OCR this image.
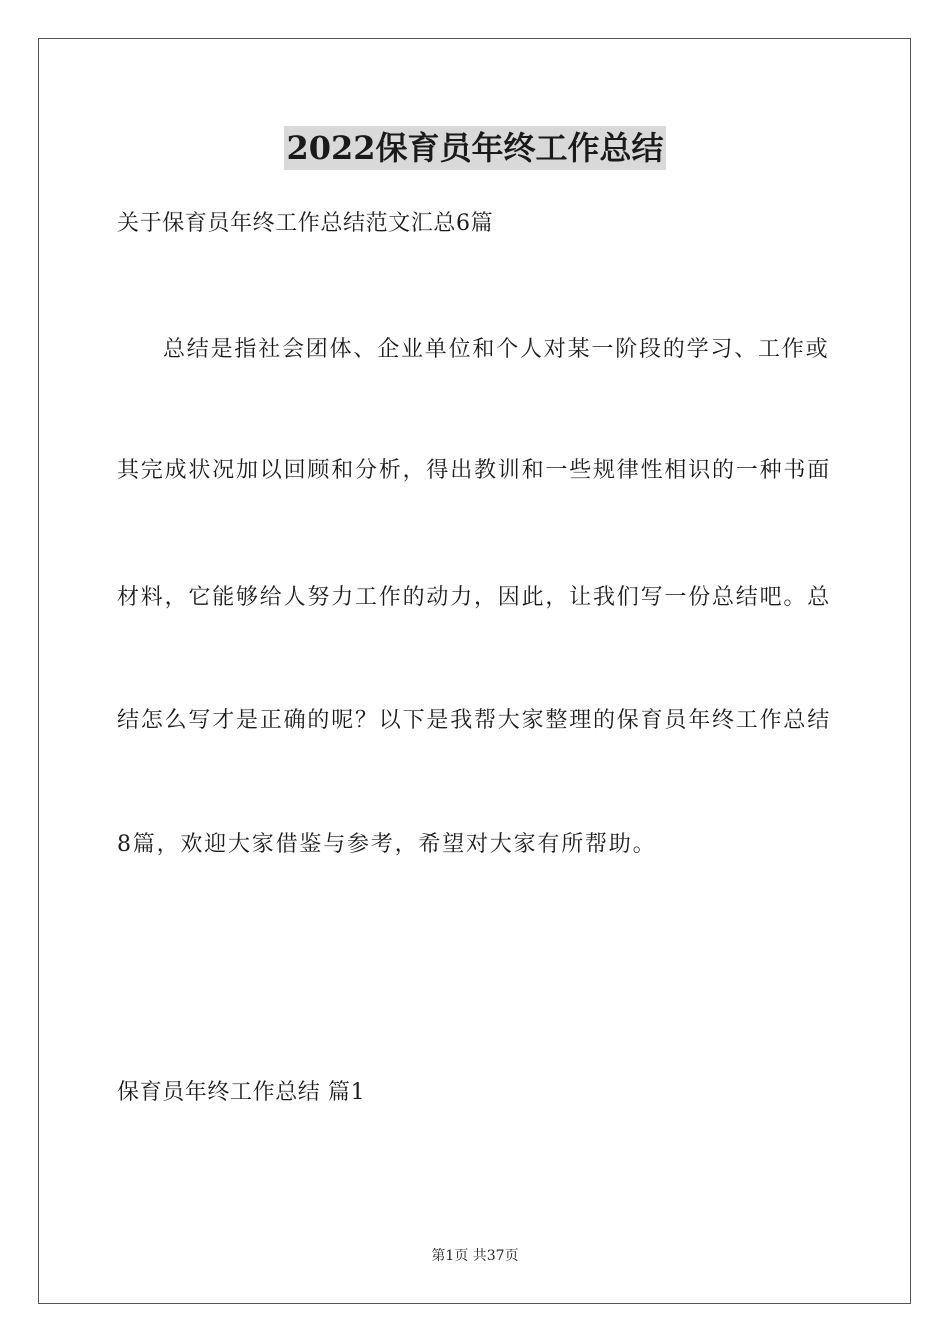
2022保育员年终工作总结
关于保育员年终工作总结范文汇总6篇
总结是指社会团体、企业单位和个人对某一阶段的学习、工作或
其完成状况加以回顾和分析，得出教训和一些规律性相识的一种书面
材料，它能够给人努力工作的动力，因此，让我们写一份总结吧。总
结怎么写才是正确的呢？以下是我帮大家整理的保育员年终工作总结
8篇，欢迎大家借鉴与参考，希望对大家有所帮助。
保育员年终工作总结 篇1
第1页 共37页
